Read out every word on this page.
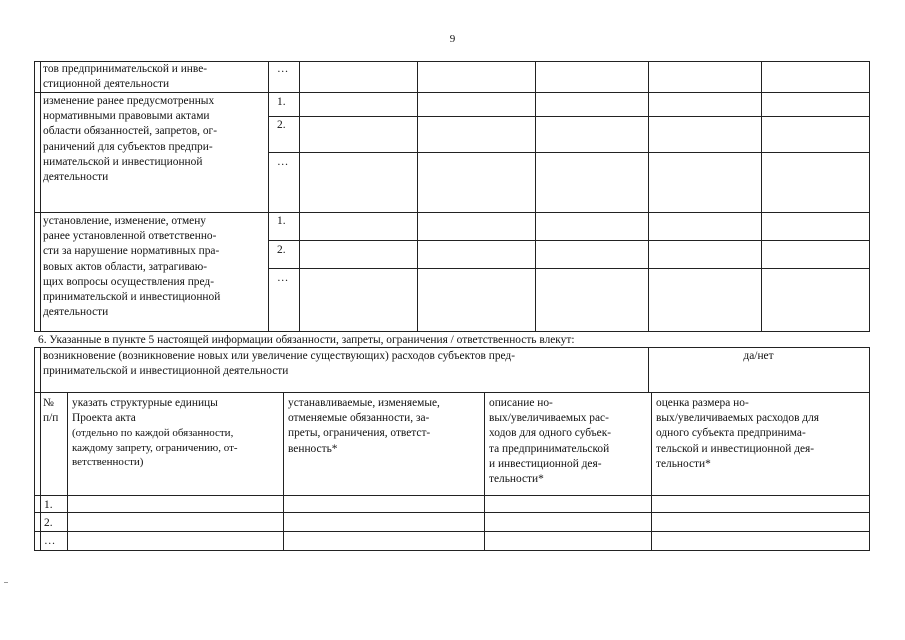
9
тов предпринимательской и инве-
стиционной деятельности
…
изменение ранее предусмотренных
нормативными правовыми актами
области обязанностей, запретов, ог-
раничений для субъектов предпри-
нимательской и инвестиционной
деятельности
1.
2.
…
установление, изменение, отмену
ранее установленной ответственно-
сти за нарушение нормативных пра-
вовых актов области, затрагиваю-
щих вопросы осуществления пред-
принимательской и инвестиционной
деятельности
1.
2.
…
6. Указанные в пункте 5 настоящей информации обязанности, запреты, ограничения / ответственность влекут:
возникновение (возникновение новых или увеличение существующих) расходов субъектов пред-
принимательской и инвестиционной деятельности
да/нет
№
п/п
указать структурные единицы
Проекта акта
(отдельно по каждой обязанности,
каждому запрету, ограничению, от-
ветственности)
устанавливаемые, изменяемые,
отменяемые обязанности, за-
преты, ограничения, ответст-
венность*
описание но-
вых/увеличиваемых рас-
ходов для одного субъек-
та предпринимательской
и инвестиционной дея-
тельности*
оценка размера но-
вых/увеличиваемых расходов для
одного субъекта предпринима-
тельской и инвестиционной дея-
тельности*
1.
2.
…
